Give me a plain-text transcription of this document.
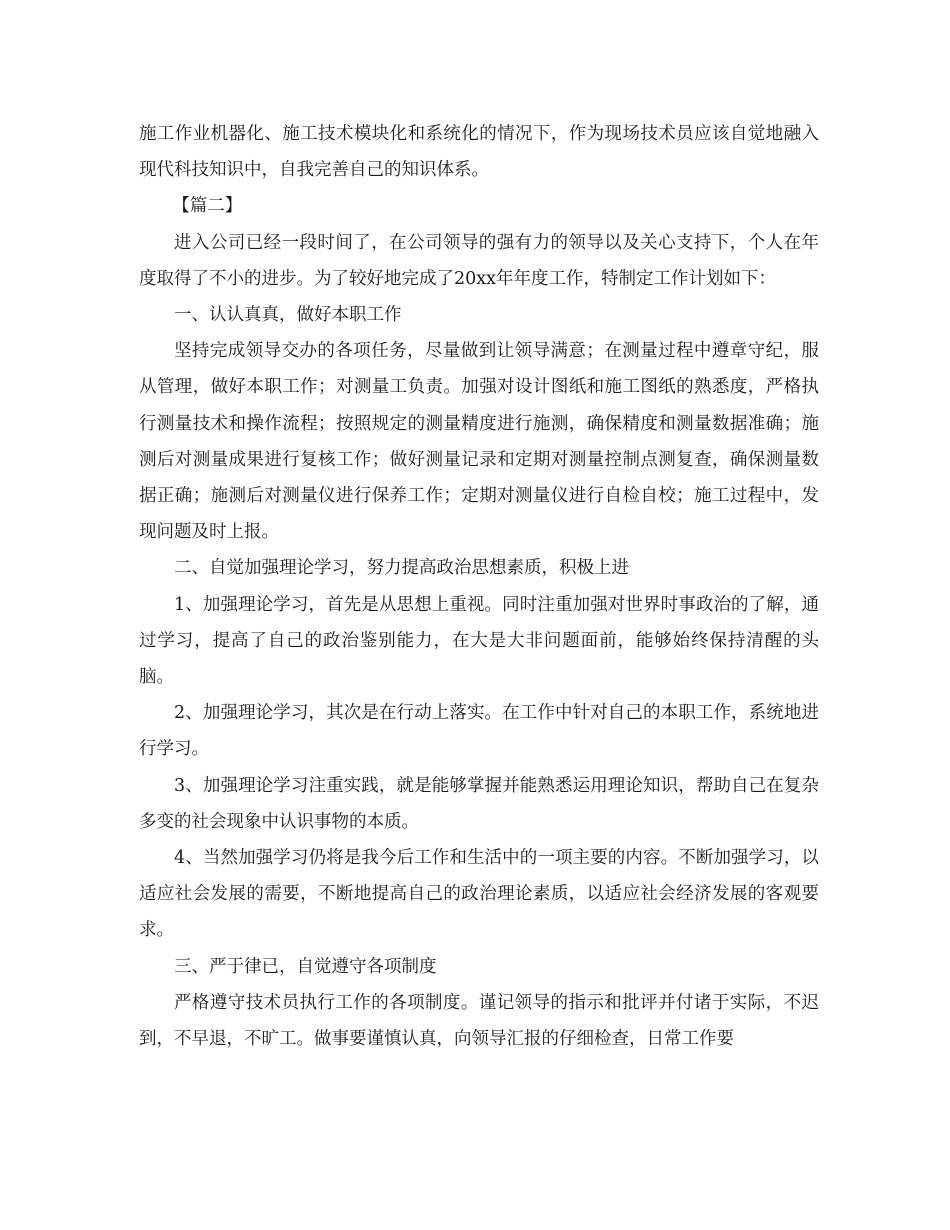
施工作业机器化、施工技术模块化和系统化的情况下，作为现场技术员应该自觉地融入现代科技知识中，自我完善自己的知识体系。

【篇二】

进入公司已经一段时间了，在公司领导的强有力的领导以及关心支持下，个人在年度取得了不小的进步。为了较好地完成了20xx年年度工作，特制定工作计划如下：

一、认认真真，做好本职工作

坚持完成领导交办的各项任务，尽量做到让领导满意；在测量过程中遵章守纪，服从管理，做好本职工作；对测量工负责。加强对设计图纸和施工图纸的熟悉度，严格执行测量技术和操作流程；按照规定的测量精度进行施测，确保精度和测量数据准确；施测后对测量成果进行复核工作；做好测量记录和定期对测量控制点测复查，确保测量数据正确；施测后对测量仪进行保养工作；定期对测量仪进行自检自校；施工过程中，发现问题及时上报。

二、自觉加强理论学习，努力提高政治思想素质，积极上进

1、加强理论学习，首先是从思想上重视。同时注重加强对世界时事政治的了解，通过学习，提高了自己的政治鉴别能力，在大是大非问题面前，能够始终保持清醒的头脑。

2、加强理论学习，其次是在行动上落实。在工作中针对自己的本职工作，系统地进行学习。

3、加强理论学习注重实践，就是能够掌握并能熟悉运用理论知识，帮助自己在复杂多变的社会现象中认识事物的本质。

4、当然加强学习仍将是我今后工作和生活中的一项主要的内容。不断加强学习，以适应社会发展的需要，不断地提高自己的政治理论素质，以适应社会经济发展的客观要求。

三、严于律已，自觉遵守各项制度

严格遵守技术员执行工作的各项制度。谨记领导的指示和批评并付诸于实际，不迟到，不早退，不旷工。做事要谨慎认真，向领导汇报的仔细检查，日常工作要
